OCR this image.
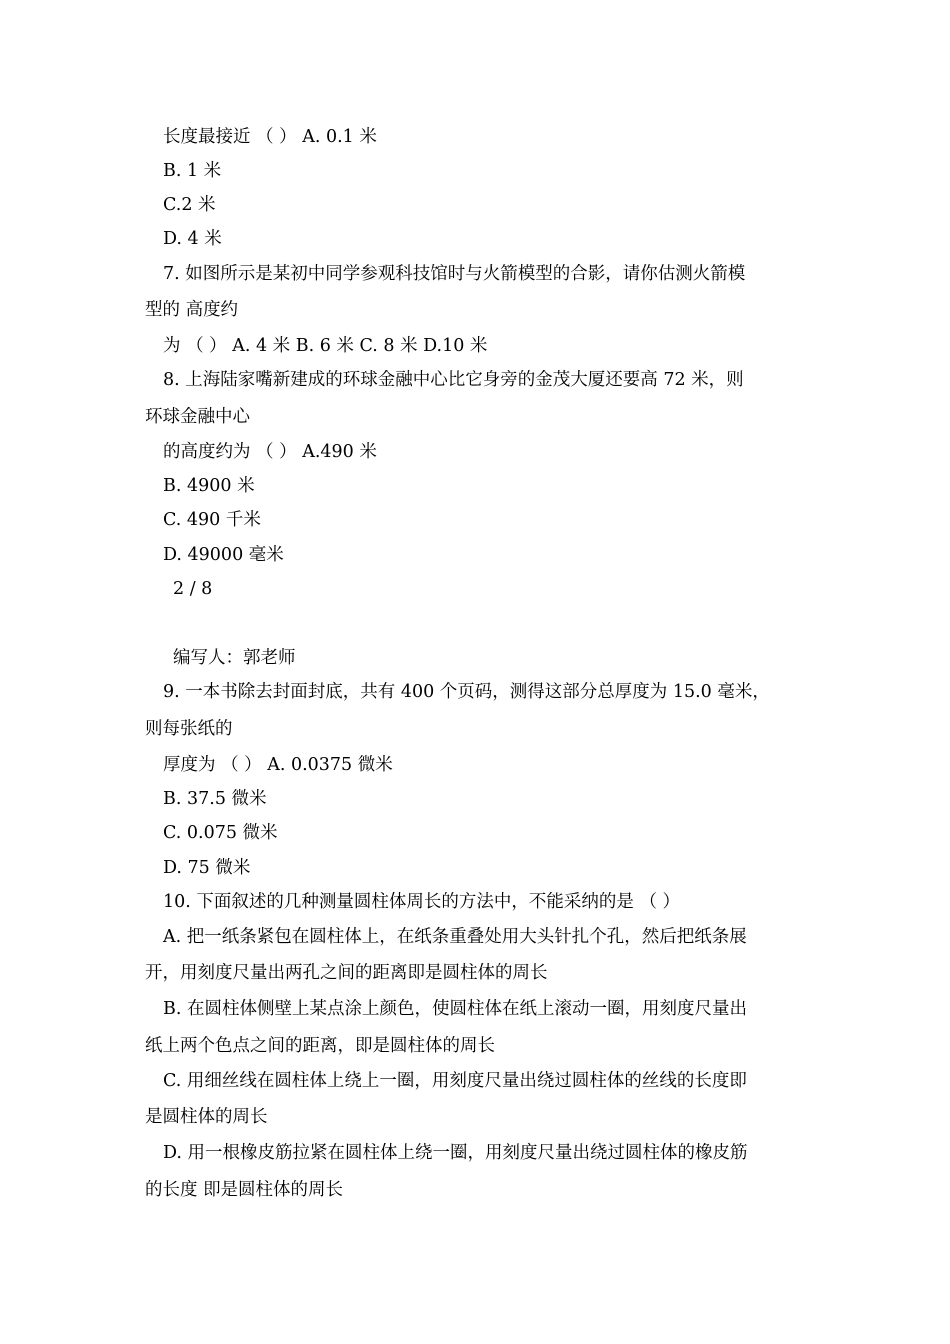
长度最接近 （ ） A. 0.1 米
B. 1 米
C.2 米
D. 4 米
7. 如图所示是某初中同学参观科技馆时与火箭模型的合影，请你估测火箭模
型的 高度约
为 （ ） A. 4 米 B. 6 米 C. 8 米 D.10 米
8. 上海陆家嘴新建成的环球金融中心比它身旁的金茂大厦还要高 72 米，则
环球金融中心
的高度约为 （ ） A.490 米
B. 4900 米
C. 490 千米
D. 49000 毫米
2 / 8
编写人：郭老师
9. 一本书除去封面封底，共有 400 个页码，测得这部分总厚度为 15.0 毫米，
则每张纸的
厚度为 （ ） A. 0.0375 微米
B. 37.5 微米
C. 0.075 微米
D. 75 微米
10. 下面叙述的几种测量圆柱体周长的方法中，不能采纳的是 （ ）
A. 把一纸条紧包在圆柱体上，在纸条重叠处用大头针扎个孔，然后把纸条展
开，用刻度尺量出两孔之间的距离即是圆柱体的周长
B. 在圆柱体侧壁上某点涂上颜色，使圆柱体在纸上滚动一圈，用刻度尺量出
纸上两个色点之间的距离，即是圆柱体的周长
C. 用细丝线在圆柱体上绕上一圈，用刻度尺量出绕过圆柱体的丝线的长度即
是圆柱体的周长
D. 用一根橡皮筋拉紧在圆柱体上绕一圈，用刻度尺量出绕过圆柱体的橡皮筋
的长度 即是圆柱体的周长
